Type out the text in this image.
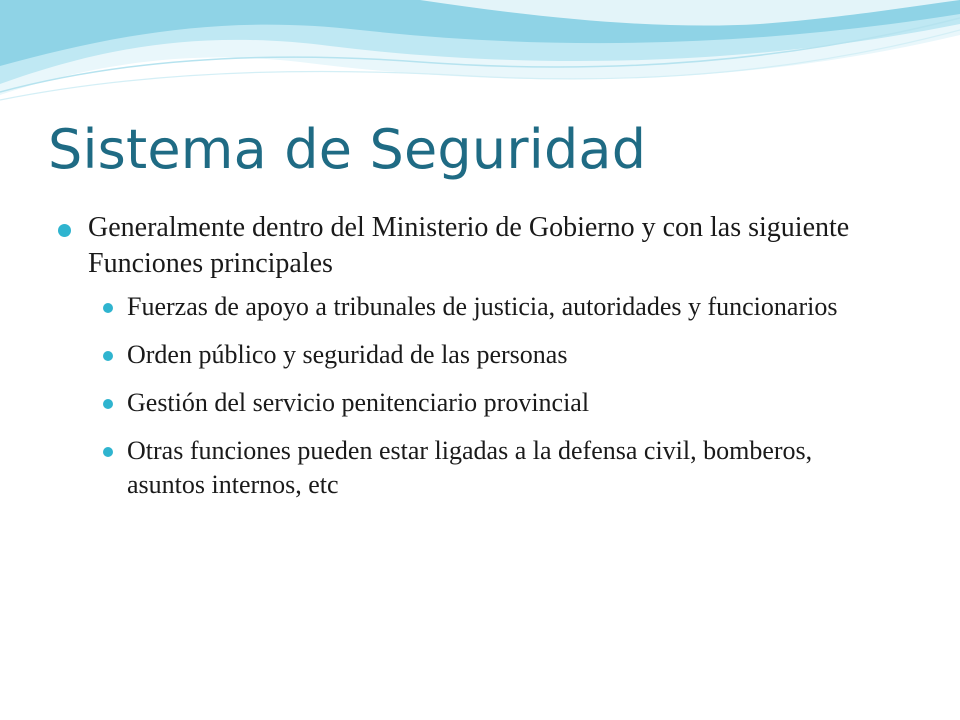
Sistema de Seguridad
Generalmente dentro del Ministerio de Gobierno y con las siguiente Funciones principales
Fuerzas de apoyo a tribunales de justicia, autoridades y funcionarios
Orden público y seguridad de las personas
Gestión del servicio penitenciario provincial
Otras funciones pueden estar ligadas a la defensa civil, bomberos, asuntos internos, etc
